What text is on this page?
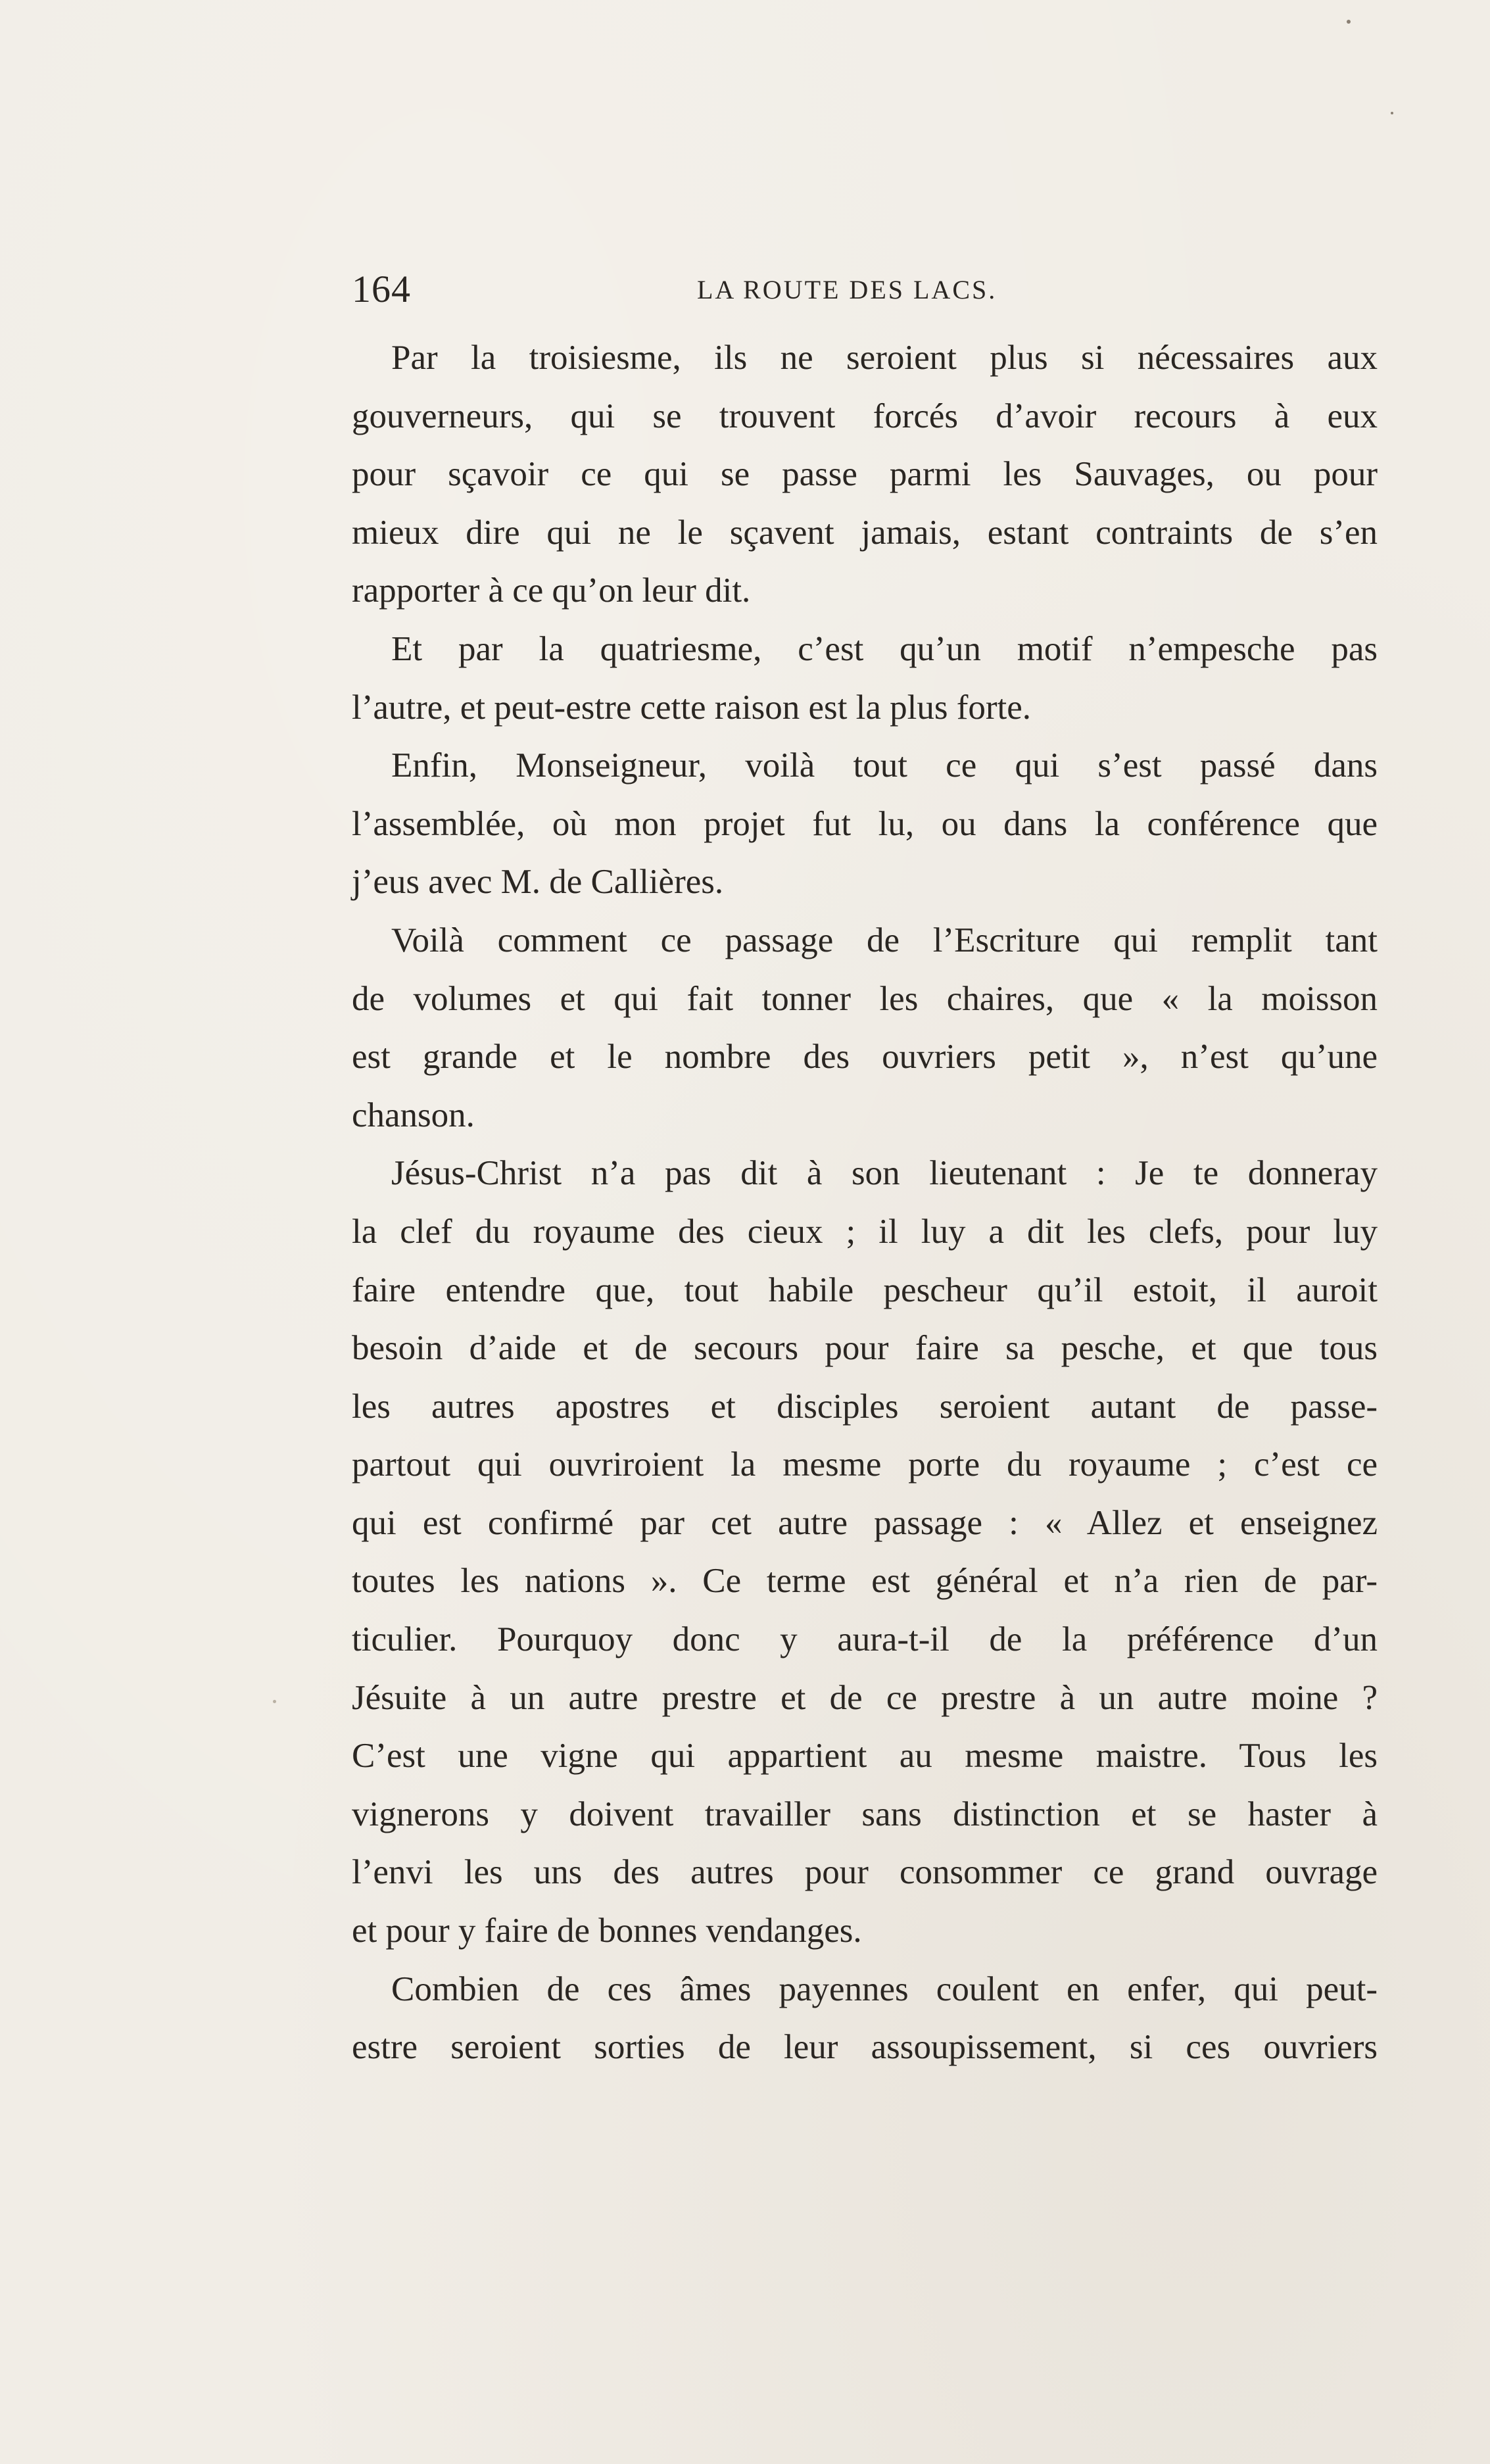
164	LA ROUTE DES LACS.
Par la troisiesme, ils ne seroient plus si nécessaires aux
gouverneurs, qui se trouvent forcés d’avoir recours à eux
pour sçavoir ce qui se passe parmi les Sauvages, ou pour
mieux dire qui ne le sçavent jamais, estant contraints de s’en
rapporter à ce qu’on leur dit.
Et par la quatriesme, c’est qu’un motif n’empesche pas
l’autre, et peut-estre cette raison est la plus forte.
Enfin, Monseigneur, voilà tout ce qui s’est passé dans
l’assemblée, où mon projet fut lu, ou dans la conférence que
j’eus avec M. de Callières.
Voilà comment ce passage de l’Escriture qui remplit tant
de volumes et qui fait tonner les chaires, que « la moisson
est grande et le nombre des ouvriers petit », n’est qu’une
chanson.
Jésus-Christ n’a pas dit à son lieutenant : Je te donneray
la clef du royaume des cieux ; il luy a dit les clefs, pour luy
faire entendre que, tout habile pescheur qu’il estoit, il auroit
besoin d’aide et de secours pour faire sa pesche, et que tous
les autres apostres et disciples seroient autant de passe-
partout qui ouvriroient la mesme porte du royaume ; c’est ce
qui est confirmé par cet autre passage : « Allez et enseignez
toutes les nations ». Ce terme est général et n’a rien de par-
ticulier. Pourquoy donc y aura-t-il de la préférence d’un
Jésuite à un autre prestre et de ce prestre à un autre moine ?
C’est une vigne qui appartient au mesme maistre. Tous les
vignerons y doivent travailler sans distinction et se haster à
l’envi les uns des autres pour consommer ce grand ouvrage
et pour y faire de bonnes vendanges.
Combien de ces âmes payennes coulent en enfer, qui peut-
estre seroient sorties de leur assoupissement, si ces ouvriers
